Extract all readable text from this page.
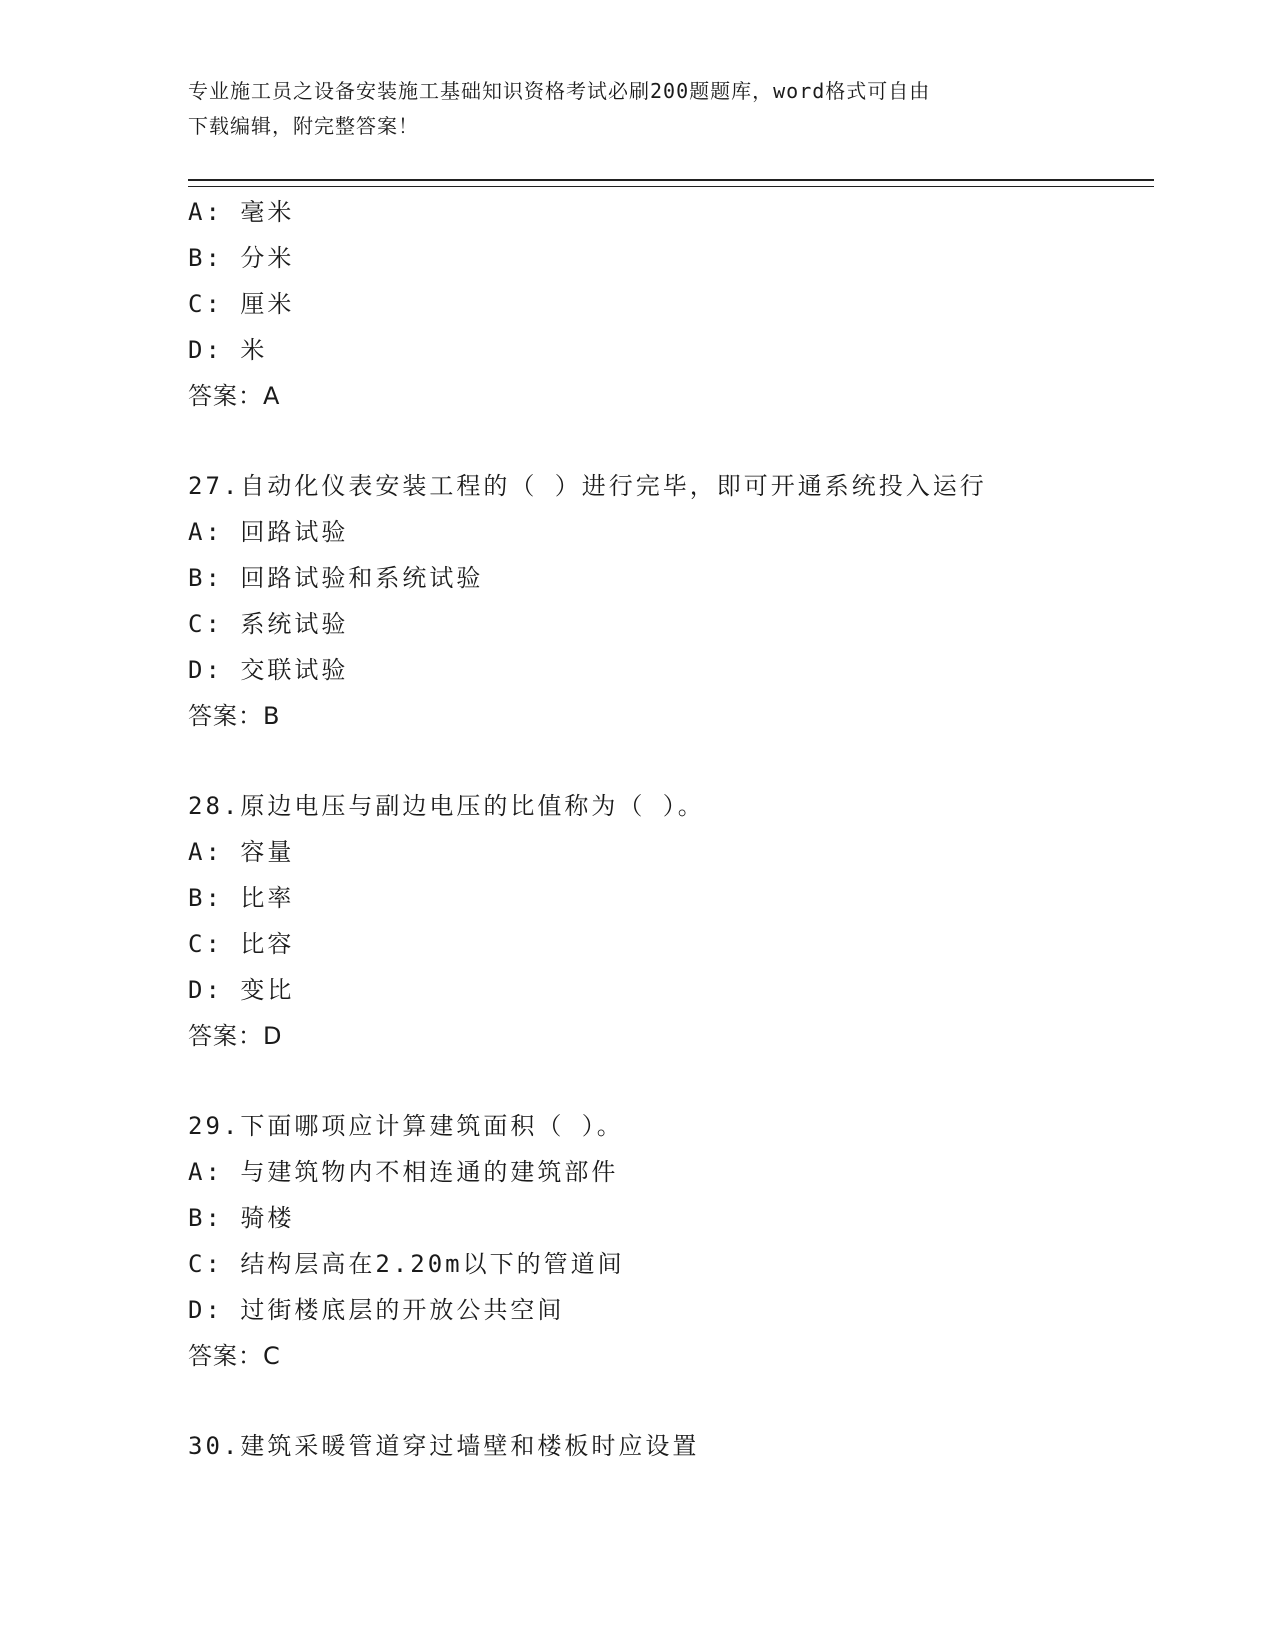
专业施工员之设备安装施工基础知识资格考试必刷200题题库，word格式可自由
下载编辑，附完整答案！
A: 毫米
B: 分米
C: 厘米
D: 米
答案：A
27.自动化仪表安装工程的（ ）进行完毕，即可开通系统投入运行
A: 回路试验
B: 回路试验和系统试验
C: 系统试验
D: 交联试验
答案：B
28.原边电压与副边电压的比值称为（ ）。
A: 容量
B: 比率
C: 比容
D: 变比
答案：D
29.下面哪项应计算建筑面积（ ）。
A: 与建筑物内不相连通的建筑部件
B: 骑楼
C: 结构层高在2.20m以下的管道间
D: 过街楼底层的开放公共空间
答案：C
30.建筑采暖管道穿过墙壁和楼板时应设置
